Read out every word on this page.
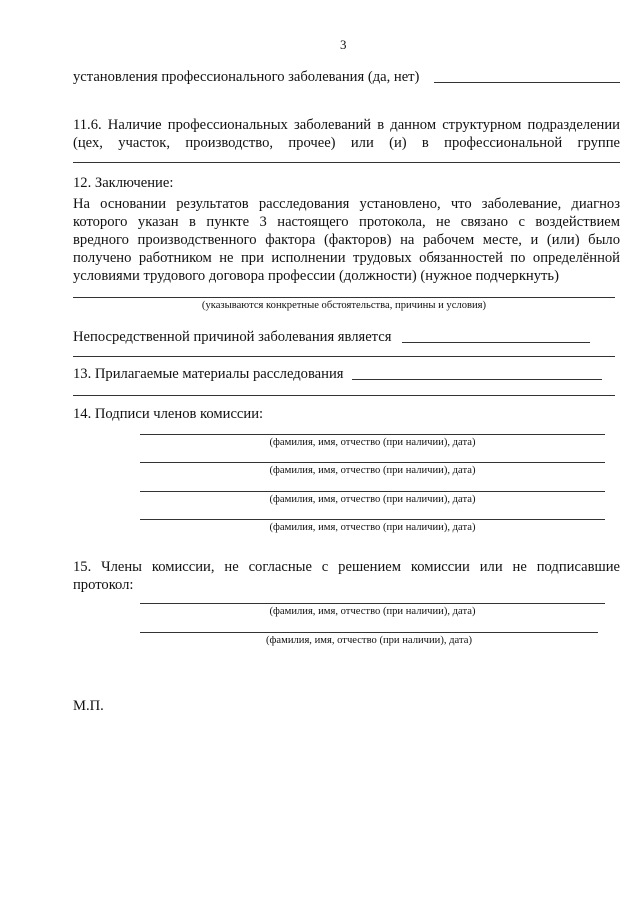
3
установления профессионального заболевания (да, нет)
11.6. Наличие профессиональных заболеваний в данном структурном подразделении
(цех, участок, производство, прочее) или (и) в профессиональной группе
12. Заключение:
На основании результатов расследования установлено, что заболевание, диагноз
которого указан в пункте 3 настоящего протокола, не связано с воздействием
вредного производственного фактора (факторов) на рабочем месте, и (или) было
получено работником не при исполнении трудовых обязанностей по определённой
условиями трудового договора профессии (должности) (нужное подчеркнуть)
(указываются конкретные обстоятельства, причины и условия)
Непосредственной причиной заболевания является
13. Прилагаемые материалы расследования
14. Подписи членов комиссии:
(фамилия, имя, отчество (при наличии), дата)
(фамилия, имя, отчество (при наличии), дата)
(фамилия, имя, отчество (при наличии), дата)
(фамилия, имя, отчество (при наличии), дата)
15. Члены комиссии, не согласные с решением комиссии или не подписавшие
протокол:
(фамилия, имя, отчество (при наличии), дата)
(фамилия, имя, отчество (при наличии), дата)
М.П.
